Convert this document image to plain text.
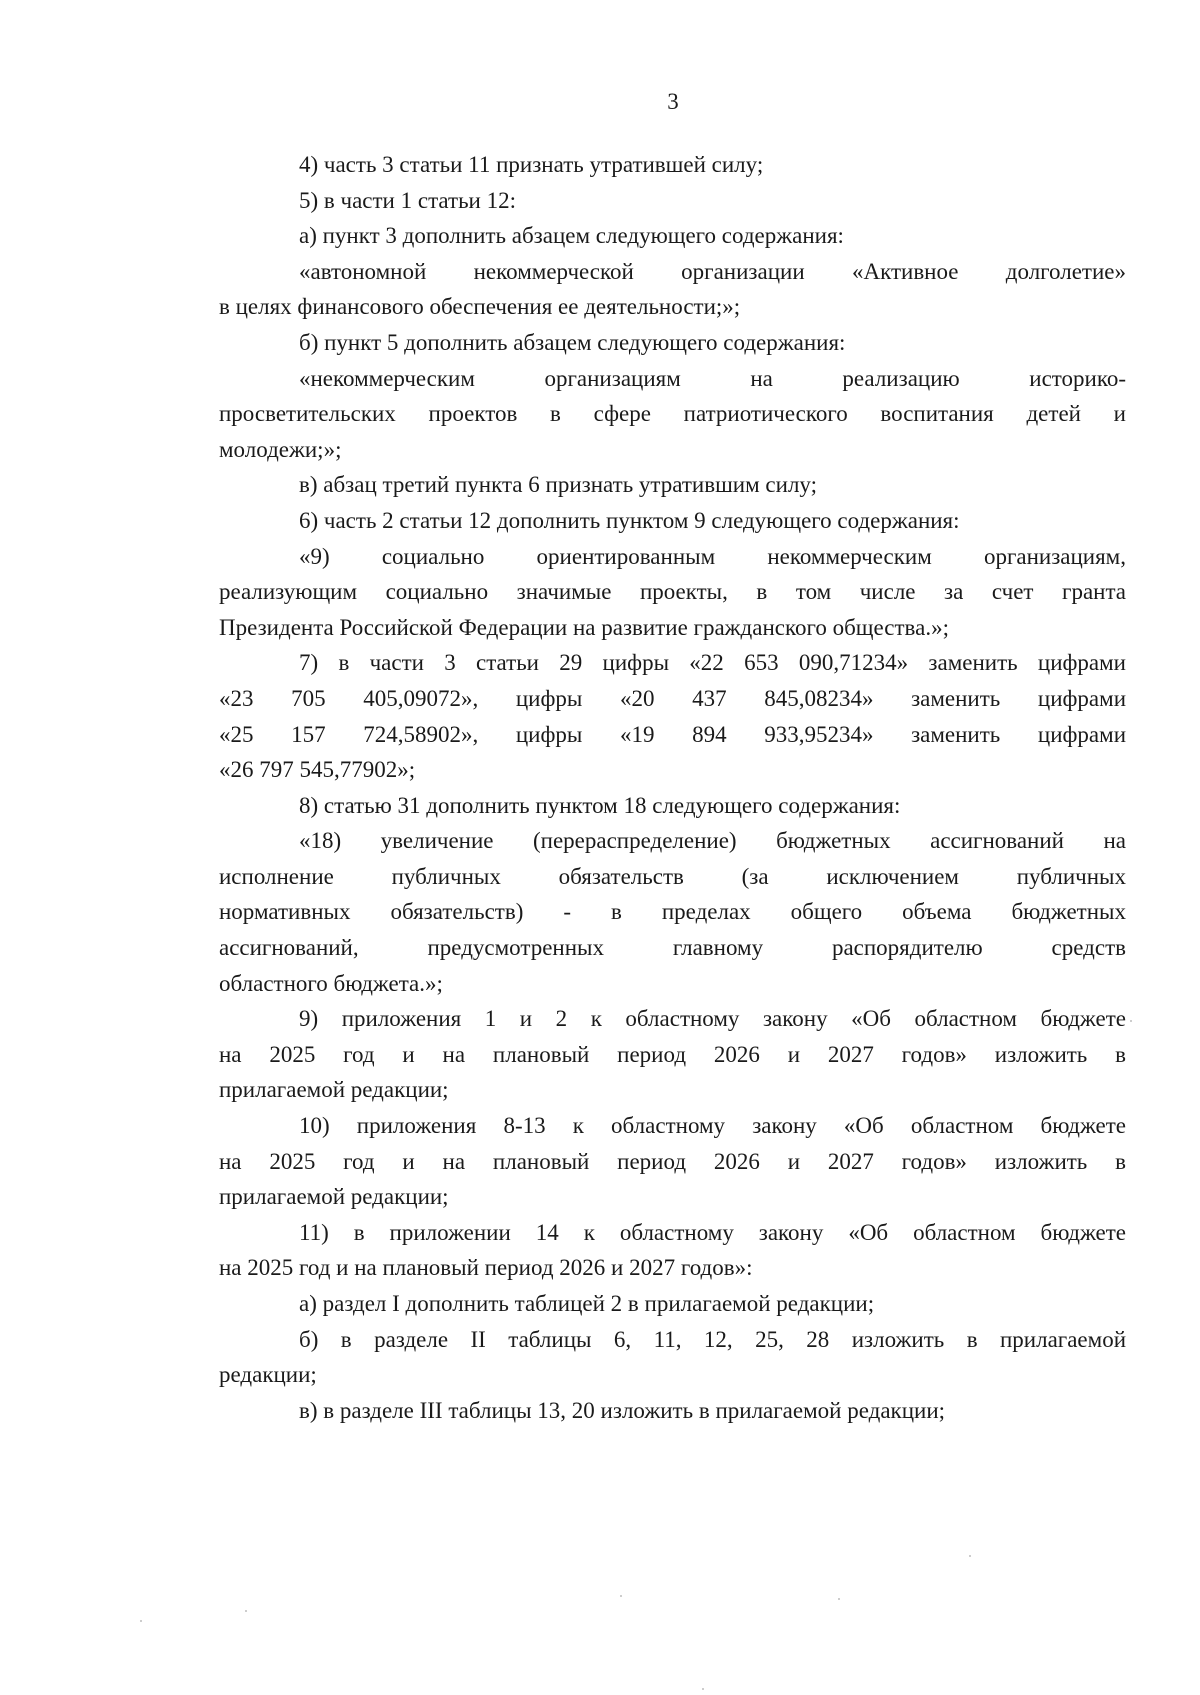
3

4) часть 3 статьи 11 признать утратившей силу;

5) в части 1 статьи 12:

а) пункт 3 дополнить абзацем следующего содержания:

«автономной некоммерческой организации «Активное долголетие»
в целях финансового обеспечения ее деятельности;»;

б) пункт 5 дополнить абзацем следующего содержания:

«некоммерческим организациям на реализацию историко-
просветительских проектов в сфере патриотического воспитания детей и
молодежи;»;

в) абзац третий пункта 6 признать утратившим силу;

6) часть 2 статьи 12 дополнить пунктом 9 следующего содержания:

«9) социально ориентированным некоммерческим организациям,
реализующим социально значимые проекты, в том числе за счет гранта
Президента Российской Федерации на развитие гражданского общества.»;
7) в части 3 статьи 29 цифры «22 653 090,71234» заменить цифрами
«23 705 405,09072», цифры «20 437 845,08234» заменить цифрами
«25 157 724,58902», цифры «19 894 933,95234» заменить цифрами
«26 797 545,77902»;

8) статью 31 дополнить пунктом 18 следующего содержания:

«18) увеличение (перераспределение) бюджетных ассигнований на
исполнение публичных обязательств (за исключением публичных
нормативных обязательств) - в пределах общего объема бюджетных
ассигнований, предусмотренных главному распорядителю средств
областного бюджета.»;
9) приложения 1 и 2 к областному закону «Об областном бюджете
на 2025 год и на плановый период 2026 и 2027 годов» изложить в
прилагаемой редакции;
10) приложения 8-13 к областному закону «Об областном бюджете
на 2025 год и на плановый период 2026 и 2027 годов» изложить в
прилагаемой редакции;
11) в приложении 14 к областному закону «Об областном бюджете
на 2025 год и на плановый период 2026 и 2027 годов»:

а) раздел I дополнить таблицей 2 в прилагаемой редакции;

б) в разделе II таблицы 6, 11, 12, 25, 28 изложить в прилагаемой
редакции;

в) в разделе III таблицы 13, 20 изложить в прилагаемой редакции;
